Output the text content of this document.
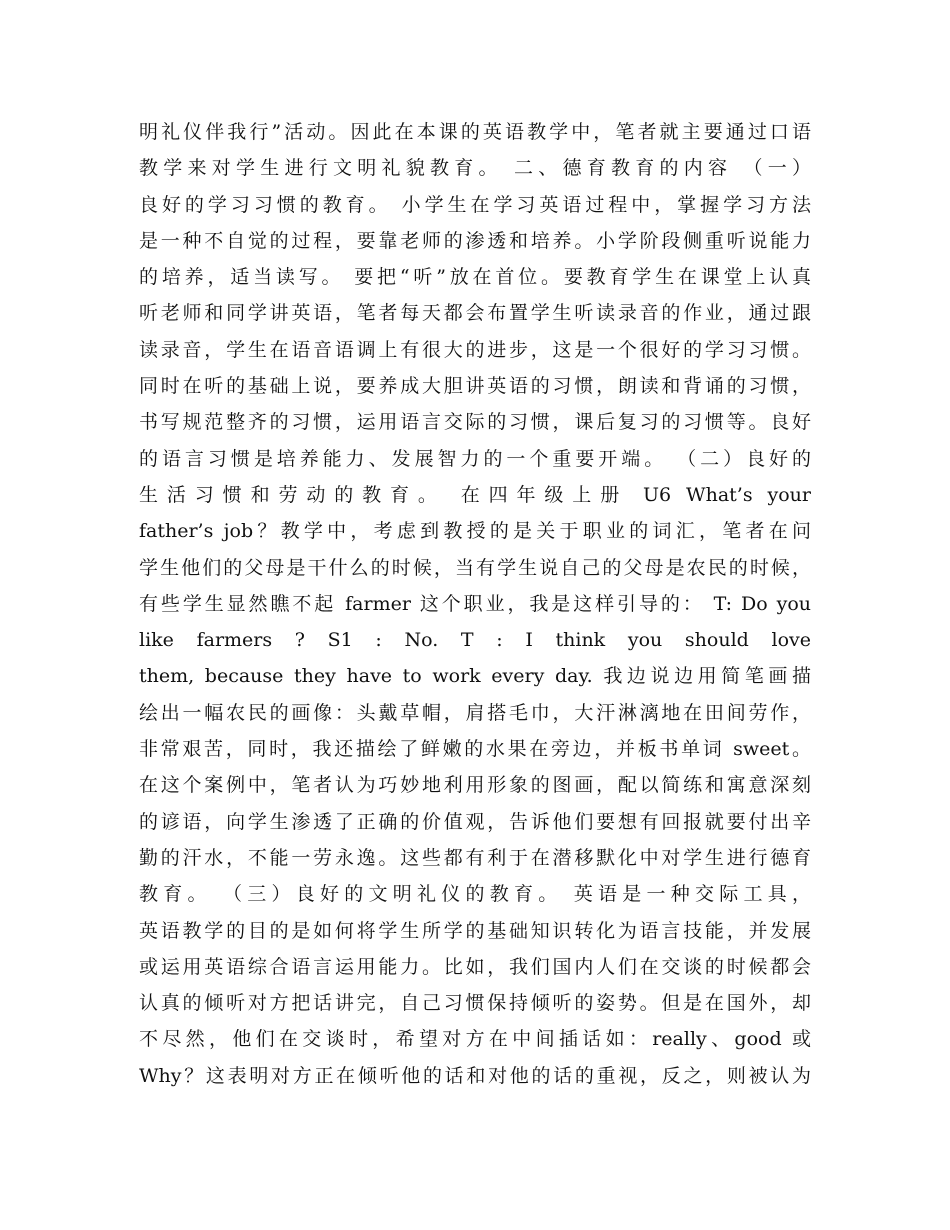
明礼仪伴我行”活动。因此在本课的英语教学中，笔者就主要通过口语
教学来对学生进行文明礼貌教育。 二、德育教育的内容 （一）
良好的学习习惯的教育。 小学生在学习英语过程中，掌握学习方法
是一种不自觉的过程，要靠老师的渗透和培养。小学阶段侧重听说能力
的培养，适当读写。 要把“听”放在首位。要教育学生在课堂上认真
听老师和同学讲英语，笔者每天都会布置学生听读录音的作业，通过跟
读录音，学生在语音语调上有很大的进步，这是一个很好的学习习惯。
同时在听的基础上说，要养成大胆讲英语的习惯，朗读和背诵的习惯，
书写规范整齐的习惯，运用语言交际的习惯，课后复习的习惯等。良好
的语言习惯是培养能力、发展智力的一个重要开端。 （二）良好的
生活习惯和劳动的教育。 在四年级上册 U6 What’s your
father’s job？教学中，考虑到教授的是关于职业的词汇，笔者在问
学生他们的父母是干什么的时候，当有学生说自己的父母是农民的时候，
有些学生显然瞧不起 farmer 这个职业，我是这样引导的： T: Do you
like farmers ? S1 : No. T : I think you should love
them, because they have to work every day. 我边说边用简笔画描
绘出一幅农民的画像：头戴草帽，肩搭毛巾，大汗淋漓地在田间劳作，
非常艰苦，同时，我还描绘了鲜嫩的水果在旁边，并板书单词 sweet。
在这个案例中，笔者认为巧妙地利用形象的图画，配以简练和寓意深刻
的谚语，向学生渗透了正确的价值观，告诉他们要想有回报就要付出辛
勤的汗水，不能一劳永逸。这些都有利于在潜移默化中对学生进行德育
教育。 （三）良好的文明礼仪的教育。 英语是一种交际工具，
英语教学的目的是如何将学生所学的基础知识转化为语言技能，并发展
或运用英语综合语言运用能力。比如，我们国内人们在交谈的时候都会
认真的倾听对方把话讲完，自己习惯保持倾听的姿势。但是在国外，却
不尽然，他们在交谈时，希望对方在中间插话如：really、good 或
Why？这表明对方正在倾听他的话和对他的话的重视，反之，则被认为
